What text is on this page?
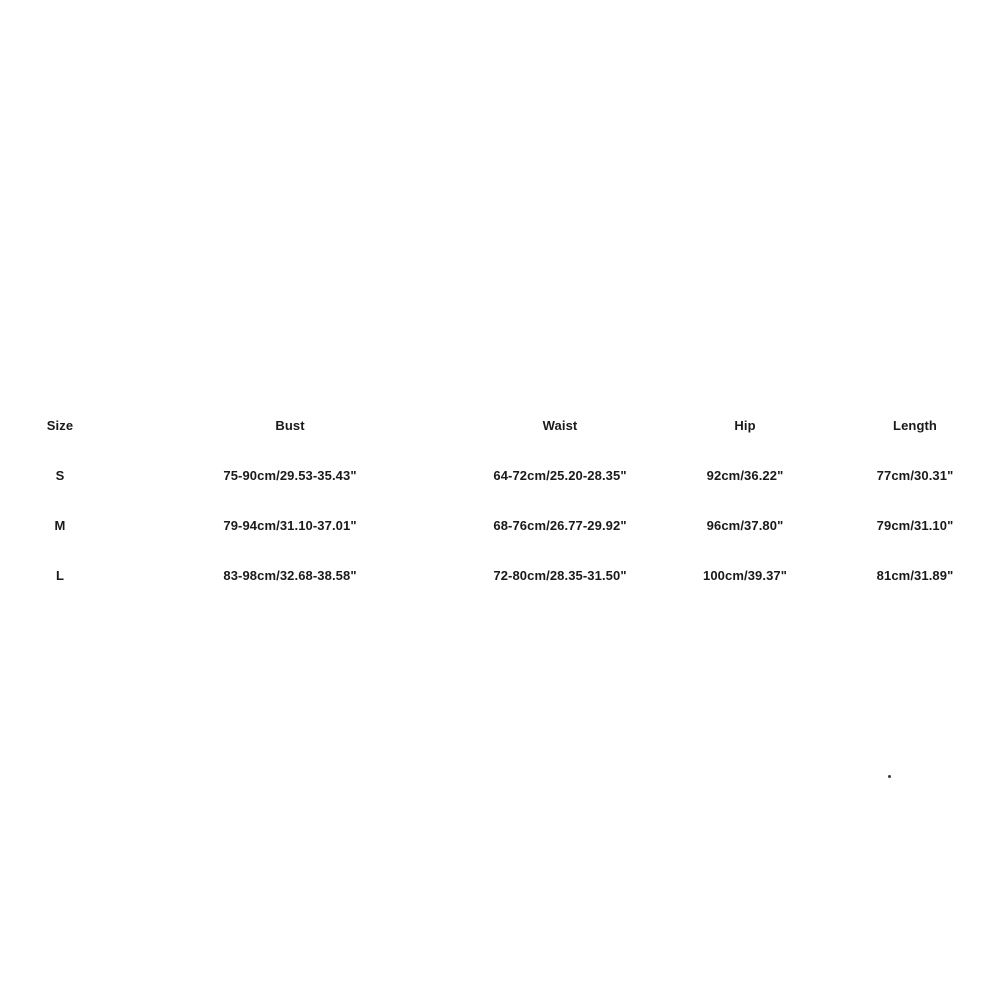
Size	Bust	Waist	Hip	Length
S	75-90cm/29.53-35.43"	64-72cm/25.20-28.35"	92cm/36.22"	77cm/30.31"
M	79-94cm/31.10-37.01"	68-76cm/26.77-29.92"	96cm/37.80"	79cm/31.10"
L	83-98cm/32.68-38.58"	72-80cm/28.35-31.50"	100cm/39.37"	81cm/31.89"
